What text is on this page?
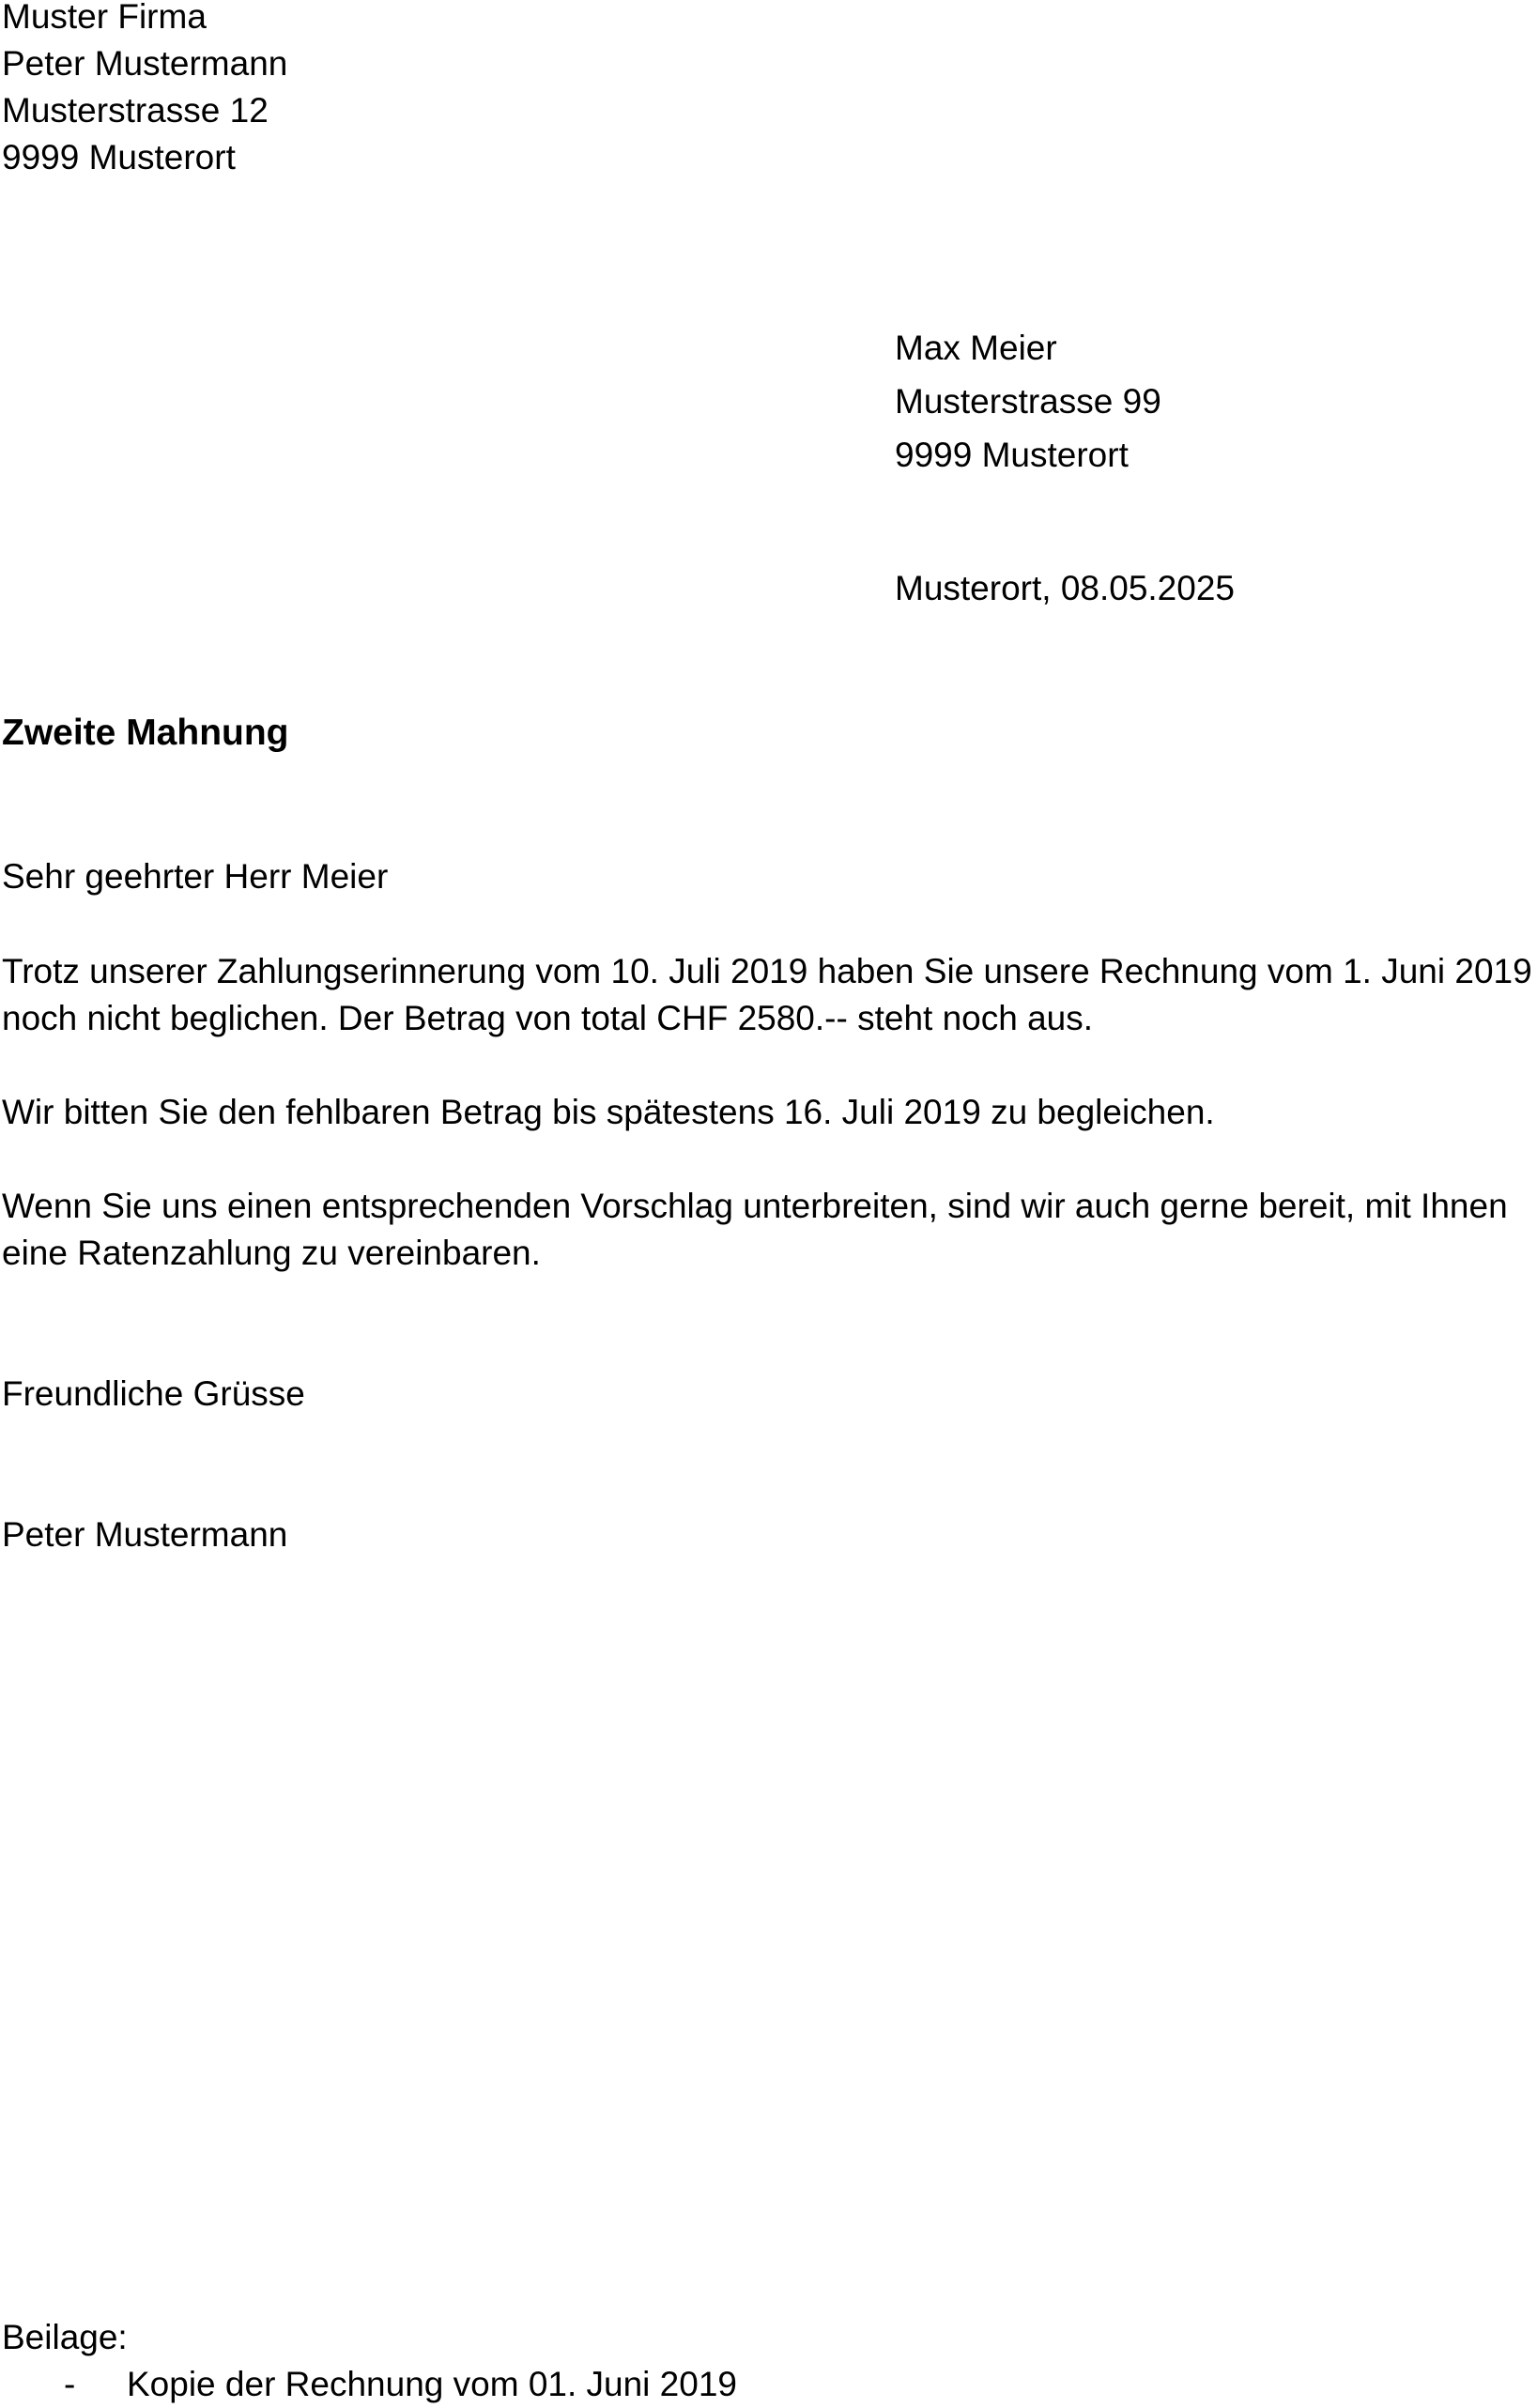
Muster Firma
Peter Mustermann
Musterstrasse 12
9999 Musterort
Max Meier
Musterstrasse 99
9999 Musterort
Musterort, 08.05.2025
Zweite Mahnung
Sehr geehrter Herr Meier
Trotz unserer Zahlungserinnerung vom 10. Juli 2019 haben Sie unsere Rechnung vom 1. Juni 2019
noch nicht beglichen. Der Betrag von total CHF 2580.-- steht noch aus.
Wir bitten Sie den fehlbaren Betrag bis spätestens 16. Juli 2019 zu begleichen.
Wenn Sie uns einen entsprechenden Vorschlag unterbreiten, sind wir auch gerne bereit, mit Ihnen
eine Ratenzahlung zu vereinbaren.
Freundliche Grüsse
Peter Mustermann
Beilage:
- Kopie der Rechnung vom 01. Juni 2019
